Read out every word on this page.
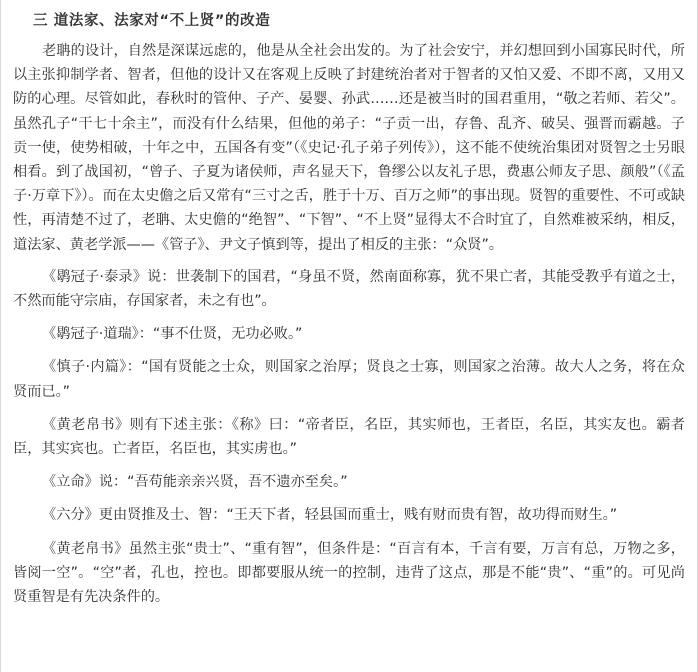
三 道法家、法家对“不上贤”的改造

老聃的设计，自然是深谋远虑的，他是从全社会出发的。为了社会安宁，并幻想回到小国寡民时代，所以主张抑制学者、智者，但他的设计又在客观上反映了封建统治者对于智者的又怕又爱、不即不离，又用又防的心理。尽管如此，春秋时的管仲、子产、晏婴、孙武……还是被当时的国君重用，“敬之若师、若父”。虽然孔子“干七十余主”，而没有什么结果，但他的弟子：“子贡一出，存鲁、乱齐、破吴、强晋而霸越。子贡一使，使势相破，十年之中，五国各有变”（《史记·孔子弟子列传》），这不能不使统治集团对贤智之士另眼相看。到了战国初，“曾子、子夏为诸侯师，声名显天下，鲁缪公以友礼子思，费惠公师友子思、颜般”（《孟子·万章下》）。而在太史儋之后又常有“三寸之舌，胜于十万、百万之师”的事出现。贤智的重要性、不可或缺性，再清楚不过了，老聃、太史儋的“绝智”、“下智”、“不上贤”显得太不合时宜了，自然难被采纳，相反，道法家、黄老学派——《管子》、尹文子慎到等，提出了相反的主张：“众贤”。

《鹖冠子·泰录》说：世袭制下的国君，“身虽不贤，然南面称寡，犹不果亡者，其能受教乎有道之士，不然而能守宗庙，存国家者，未之有也”。

《鹖冠子·道瑞》：“事不仕贤，无功必败。”

《慎子·内篇》：“国有贤能之士众，则国家之治厚；贤良之士寡，则国家之治薄。故大人之务，将在众贤而已。”

《黄老帛书》则有下述主张：《称》曰：“帝者臣，名臣，其实师也，王者臣，名臣，其实友也。霸者臣，其实宾也。亡者臣，名臣也，其实虏也。”

《立命》说：“吾苟能亲亲兴贤，吾不遗亦至矣。”

《六分》更由贤推及士、智：“王天下者，轻县国而重士，贱有财而贵有智，故功得而财生。”

《黄老帛书》虽然主张“贵士”、“重有智”，但条件是：“百言有本，千言有要，万言有总，万物之多，皆阅一空”。“空”者，孔也，控也。即都要服从统一的控制，违背了这点，那是不能“贵”、“重”的。可见尚贤重智是有先决条件的。
